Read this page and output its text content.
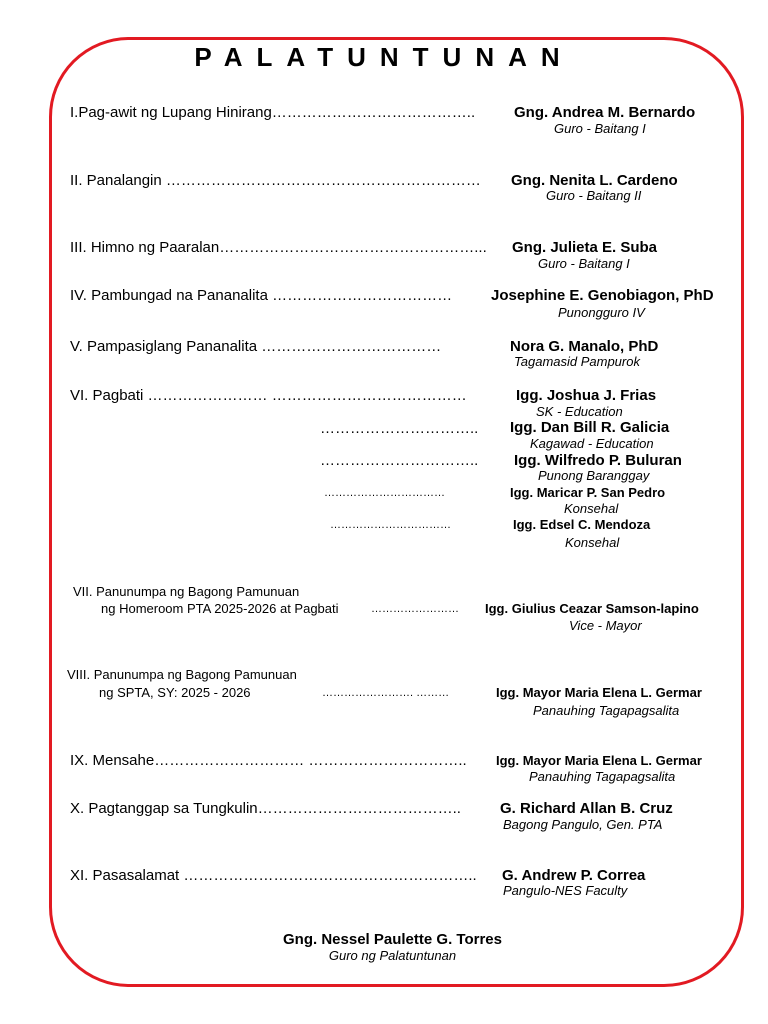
PALATUNTUNAN
I.Pag-awit ng Lupang Hinirang…………………………………..	Gng. Andrea M. Bernardo
Guro - Baitang I
II. Panalangin ……………………………………………………… Gng. Nenita L. Cardeno
Guro - Baitang II
III. Himno ng Paaralan……………………………………………... Gng. Julieta E. Suba
Guro - Baitang I
IV. Pambungad na Pananalita ………………………………	Josephine E. Genobiagon, PhD
Punongguro IV
V. Pampasiglang Pananalita ………………………………	Nora G. Manalo, PhD
Tagamasid Pampurok
VI. Pagbati …………………… …………………………………	Igg. Joshua J. Frias
SK - Education
………………………….. Igg. Dan Bill R. Galicia
Kagawad - Education
………………………….. Igg. Wilfredo P. Buluran
Punong Baranggay
……………………………	Igg. Maricar P. San Pedro
Konsehal
……………………………	Igg. Edsel C. Mendoza
Konsehal
VII. Panunumpa ng Bagong Pamunuan
ng Homeroom PTA 2025-2026 at Pagbati	…………………… Igg. Giulius Ceazar Samson-lapino
Vice - Mayor
VIII. Panunumpa ng Bagong Pamunuan
ng SPTA, SY: 2025 - 2026	……………………. ………	Igg. Mayor Maria Elena L. Germar
Panauhing Tagapagsalita
IX. Mensahe………………………… ………………………….. Igg. Mayor Maria Elena L. Germar
Panauhing Tagapagsalita
X. Pagtanggap sa Tungkulin…………………………………..	G. Richard Allan B. Cruz
Bagong Pangulo, Gen. PTA
XI. Pasasalamat ………………………………………………….. G. Andrew P. Correa
Pangulo-NES Faculty
Gng. Nessel Paulette G. Torres
Guro ng Palatuntunan
